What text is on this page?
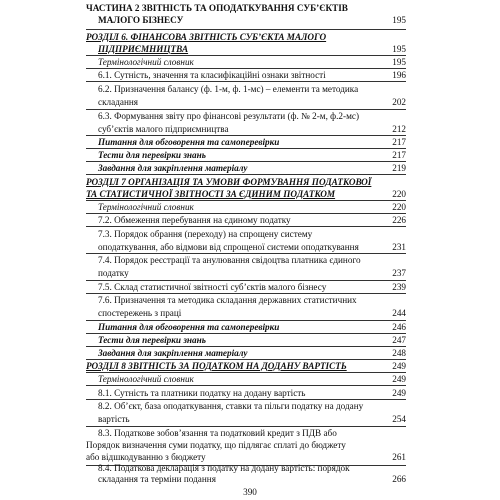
ЧАСТИНА 2 ЗВІТНІСТЬ ТА ОПОДАТКУВАННЯ СУБ’ЄКТІВ
МАЛОГО БІЗНЕСУ	195
РОЗДІЛ 6. ФІНАНСОВА ЗВІТНІСТЬ СУБ’ЄКТА МАЛОГО
ПІДПРИЄМНИЦТВА	195
Термінологічний словник	195
6.1. Сутність, значення та класифікаційні ознаки звітності	196
6.2. Призначення балансу (ф. 1-м, ф. 1-мс) – елементи та методика
складання	202
6.3. Формування звіту про фінансові результати (ф. № 2-м, ф.2-мс)
суб’єктів малого підприємництва	212
Питання для обговорення та самоперевірки	217
Тести для перевірки знань	217
Завдання для закріплення матеріалу	219
РОЗДІЛ 7 ОРГАНІЗАЦІЯ ТА УМОВИ ФОРМУВАННЯ ПОДАТКОВОЇ
ТА СТАТИСТИЧНОЇ ЗВІТНОСТІ ЗА ЄДИНИМ ПОДАТКОМ	220
Термінологічний словник	220
7.2. Обмеження перебування на єдиному податку	226
7.3. Порядок обрання (переходу) на спрощену систему
оподаткування, або відмови від спрощеної системи оподаткування	231
7.4. Порядок реєстрації та анулювання свідоцтва платника єдиного
податку	237
7.5. Склад статистичної звітності суб’єктів малого бізнесу	239
7.6. Призначення та методика складання державних статистичних
спостережень з праці	244
Питання для обговорення та самоперевірки	246
Тести для перевірки знань	247
Завдання для закріплення матеріалу	248
РОЗДІЛ 8 ЗВІТНІСТЬ ЗА ПОДАТКОМ НА ДОДАНУ ВАРТІСТЬ	249
Термінологічний словник	249
8.1. Сутність та платники податку на додану вартість	249
8.2. Об’єкт, база оподаткування, ставки та пільги податку на додану
вартість	254
8.3. Податкове зобов’язання та податковий кредит з ПДВ або
Порядок визначення суми податку, що підлягає сплаті до бюджету
або відшкодуванню з бюджету	261
8.4. Податкова декларація з податку на додану вартість: порядок
складання та терміни подання	266
390
